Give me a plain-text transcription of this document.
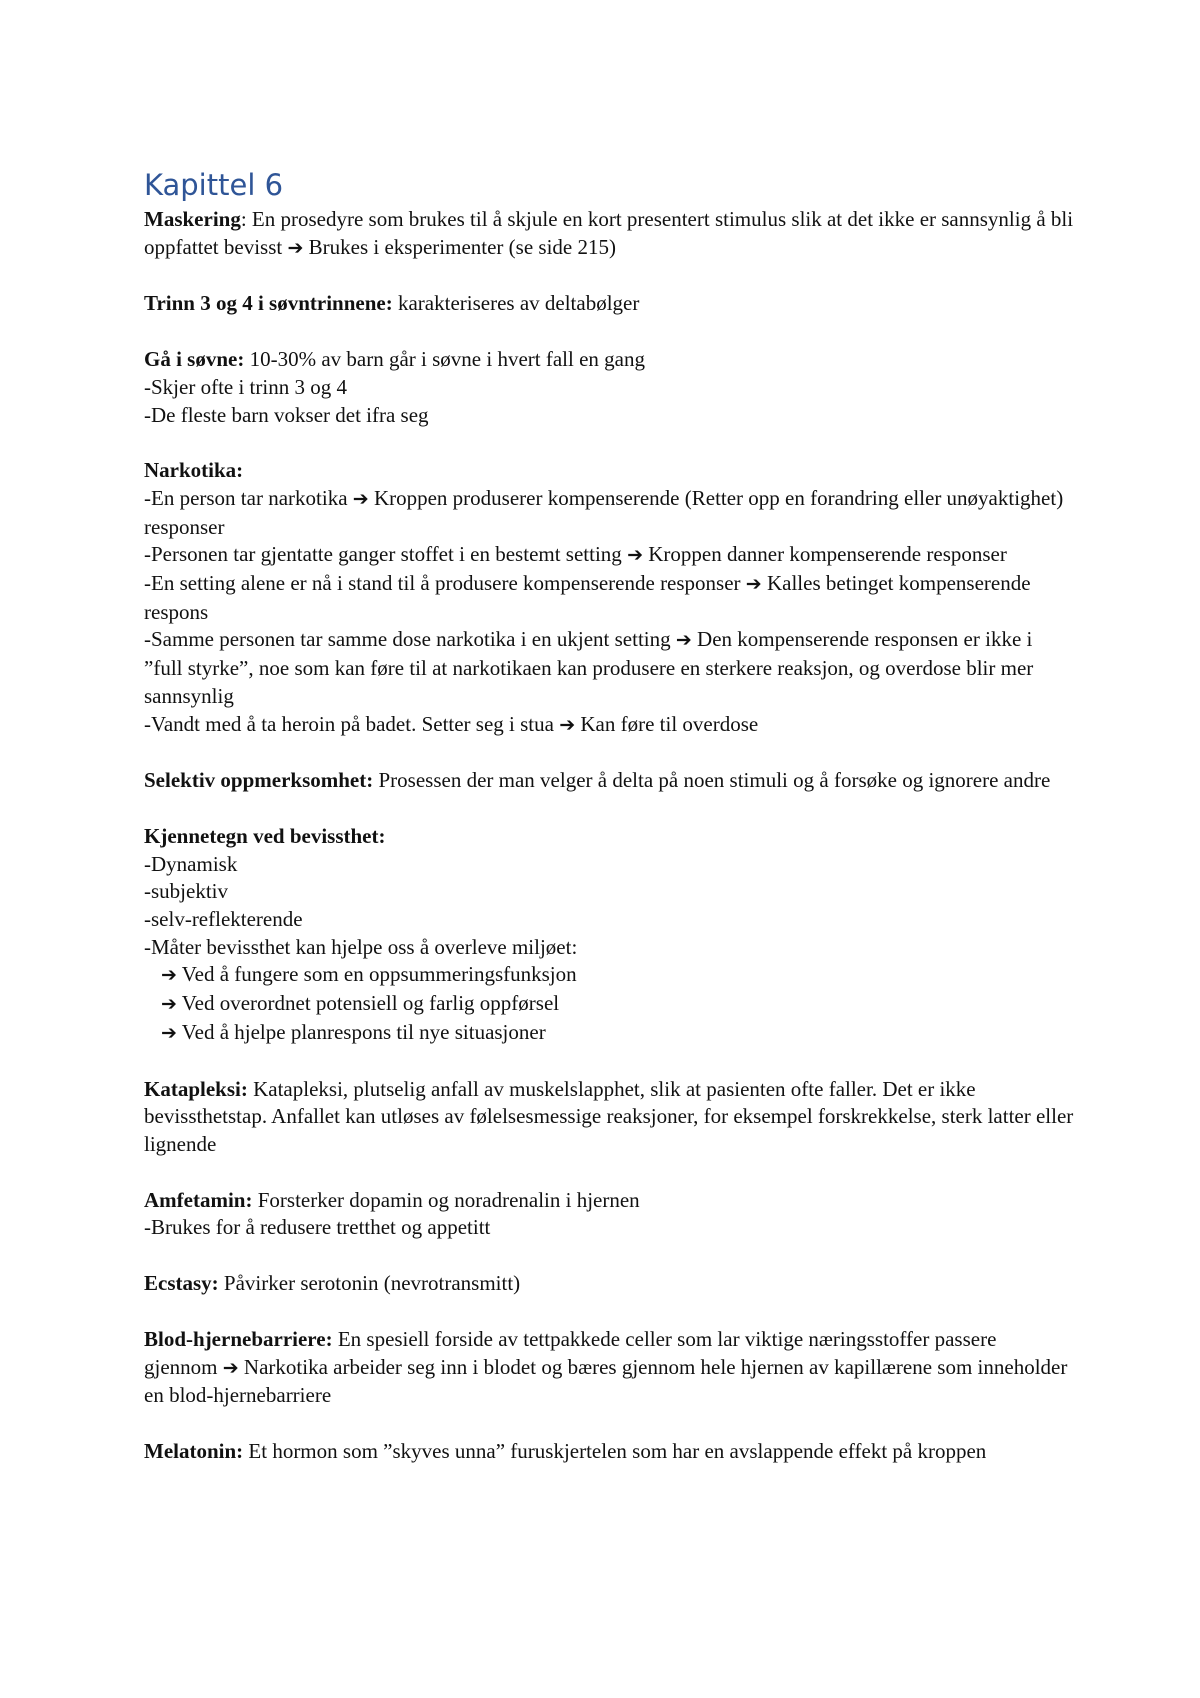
Kapittel 6
Maskering: En prosedyre som brukes til å skjule en kort presentert stimulus slik at det ikke er sannsynlig å bli oppfattet bevisst ➔ Brukes i eksperimenter (se side 215)
Trinn 3 og 4 i søvntrinnene: karakteriseres av deltabølger
Gå i søvne: 10-30% av barn går i søvne i hvert fall en gang
-Skjer ofte i trinn 3 og 4
-De fleste barn vokser det ifra seg
Narkotika:
-En person tar narkotika ➔ Kroppen produserer kompenserende (Retter opp en forandring eller unøyaktighet) responser
-Personen tar gjentatte ganger stoffet i en bestemt setting ➔ Kroppen danner kompenserende responser
-En setting alene er nå i stand til å produsere kompenserende responser ➔ Kalles betinget kompenserende respons
-Samme personen tar samme dose narkotika i en ukjent setting ➔ Den kompenserende responsen er ikke i ”full styrke”, noe som kan føre til at narkotikaen kan produsere en sterkere reaksjon, og overdose blir mer sannsynlig
-Vandt med å ta heroin på badet. Setter seg i stua ➔ Kan føre til overdose
Selektiv oppmerksomhet: Prosessen der man velger å delta på noen stimuli og å forsøke og ignorere andre
Kjennetegn ved bevissthet:
-Dynamisk
-subjektiv
-selv-reflekterende
-Måter bevissthet kan hjelpe oss å overleve miljøet:
➔ Ved å fungere som en oppsummeringsfunksjon
➔ Ved overordnet potensiell og farlig oppførsel
➔ Ved å hjelpe planrespons til nye situasjoner
Katapleksi: Katapleksi, plutselig anfall av muskelslapphet, slik at pasienten ofte faller. Det er ikke bevissthetstap. Anfallet kan utløses av følelsesmessige reaksjoner, for eksempel forskrekkelse, sterk latter eller lignende
Amfetamin: Forsterker dopamin og noradrenalin i hjernen
-Brukes for å redusere tretthet og appetitt
Ecstasy: Påvirker serotonin (nevrotransmitt)
Blod-hjernebarriere: En spesiell forside av tettpakkede celler som lar viktige næringsstoffer passere gjennom ➔ Narkotika arbeider seg inn i blodet og bæres gjennom hele hjernen av kapillærene som inneholder en blod-hjernebarriere
Melatonin: Et hormon som ”skyves unna” furuskjertelen som har en avslappende effekt på kroppen
